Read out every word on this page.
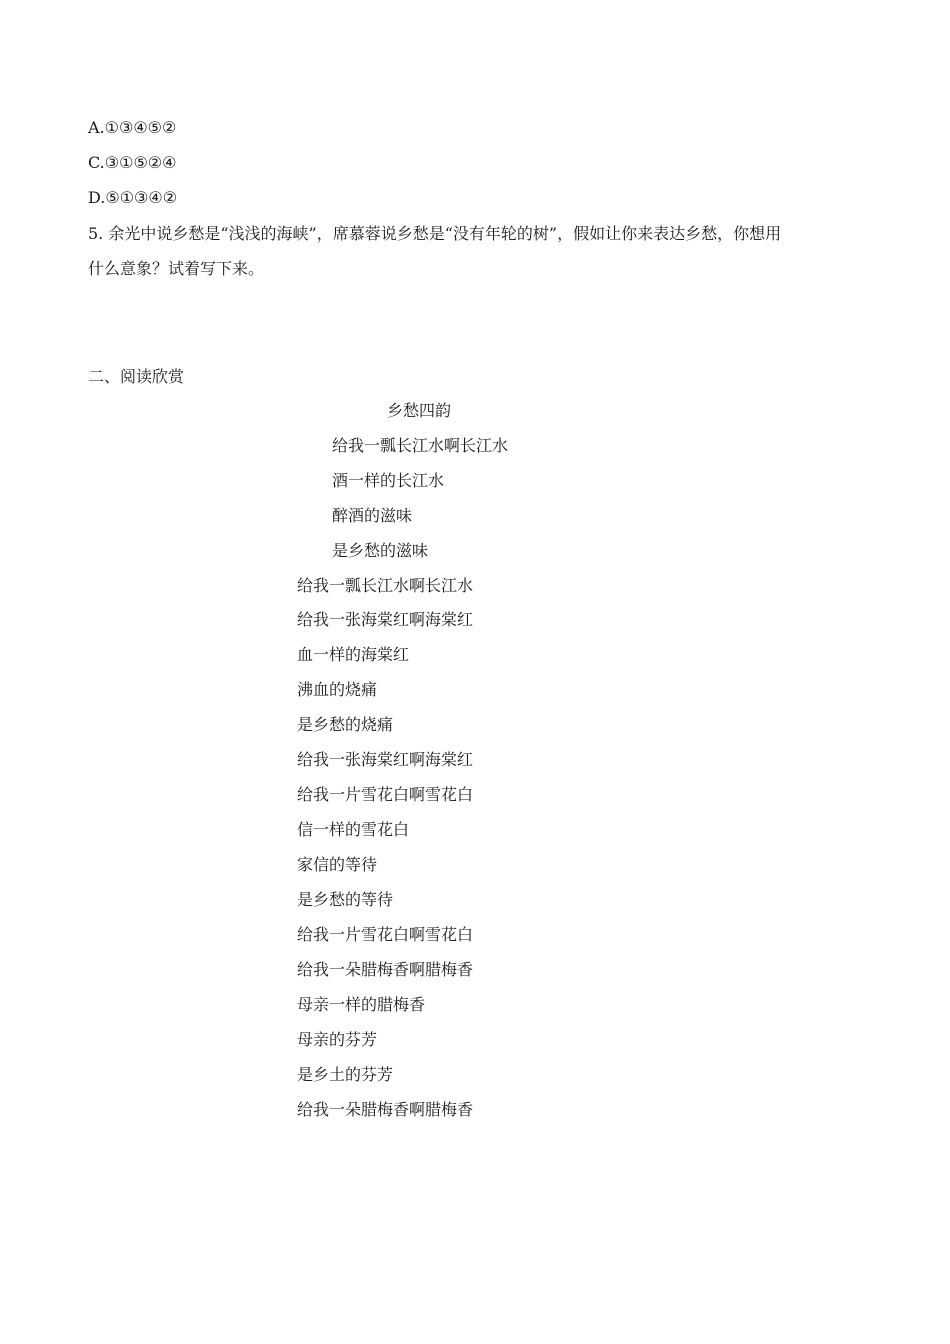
A.①③④⑤②
C.③①⑤②④
D.⑤①③④②
5. 余光中说乡愁是“浅浅的海峡”，席慕蓉说乡愁是“没有年轮的树”，假如让你来表达乡愁，你想用
什么意象？试着写下来。
二、阅读欣赏
乡愁四韵
给我一瓢长江水啊长江水
酒一样的长江水
醉酒的滋味
是乡愁的滋味
给我一瓢长江水啊长江水
给我一张海棠红啊海棠红
血一样的海棠红
沸血的烧痛
是乡愁的烧痛
给我一张海棠红啊海棠红
给我一片雪花白啊雪花白
信一样的雪花白
家信的等待
是乡愁的等待
给我一片雪花白啊雪花白
给我一朵腊梅香啊腊梅香
母亲一样的腊梅香
母亲的芬芳
是乡土的芬芳
给我一朵腊梅香啊腊梅香
